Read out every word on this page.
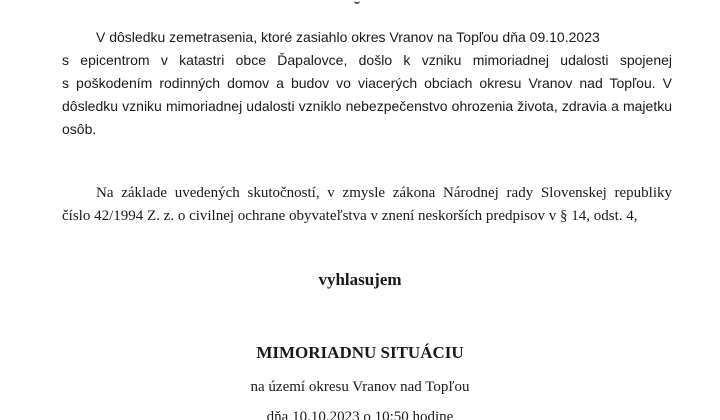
V dôsledku zemetrasenia, ktoré zasiahlo okres Vranov na Topľou dňa 09.10.2023
s epicentrom v katastri obce Ďapalovce, došlo k vzniku mimoriadnej udalosti spojenej
s poškodením rodinných domov a budov vo viacerých obciach okresu Vranov nad Topľou. V
dôsledku vzniku mimoriadnej udalosti vzniklo nebezpečenstvo ohrozenia života, zdravia a majetku
osôb.
Na základe uvedených skutočností, v zmysle zákona Národnej rady Slovenskej republiky
číslo 42/1994 Z. z. o civilnej ochrane obyvateľstva v znení neskorších predpisov v § 14, odst. 4,
vyhlasujem
MIMORIADNU SITUÁCIU
na území okresu Vranov nad Topľou
dňa 10.10.2023 o 10:50 hodine
